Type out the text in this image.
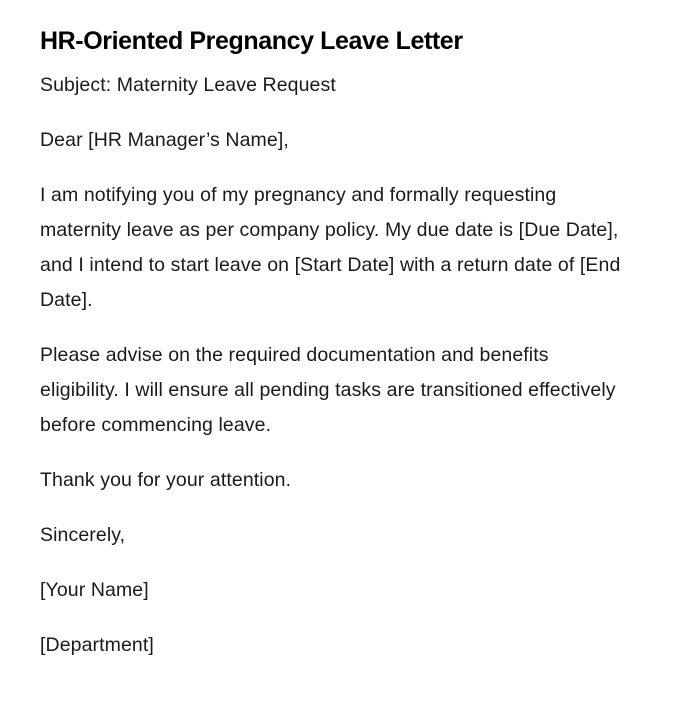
HR-Oriented Pregnancy Leave Letter

Subject: Maternity Leave Request

Dear [HR Manager’s Name],

I am notifying you of my pregnancy and formally requesting maternity leave as per company policy. My due date is [Due Date], and I intend to start leave on [Start Date] with a return date of [End Date].

Please advise on the required documentation and benefits eligibility. I will ensure all pending tasks are transitioned effectively before commencing leave.

Thank you for your attention.

Sincerely,

[Your Name]

[Department]
